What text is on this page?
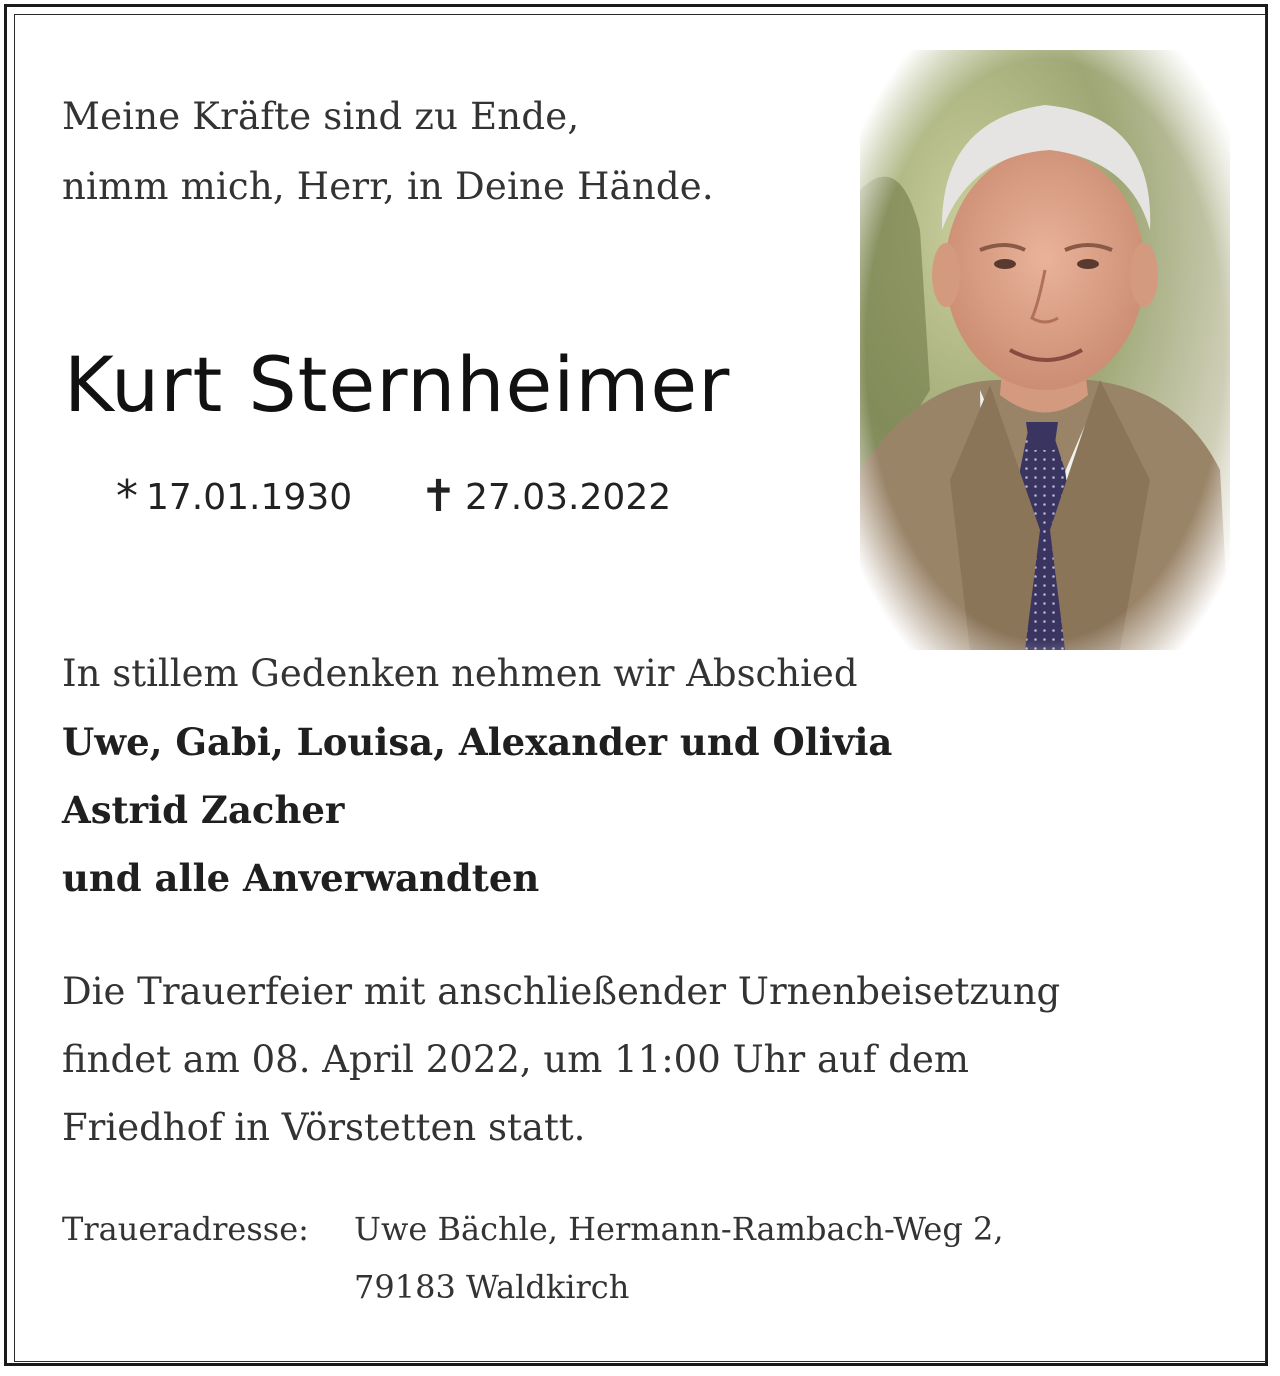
Meine Kräfte sind zu Ende,
nimm mich, Herr, in Deine Hände.
Kurt Sternheimer
* 17.01.1930 ✝ 27.03.2022
In stillem Gedenken nehmen wir Abschied
Uwe, Gabi, Louisa, Alexander und Olivia
Astrid Zacher
und alle Anverwandten
Die Trauerfeier mit anschließender Urnenbeisetzung
findet am 08. April 2022, um 11:00 Uhr auf dem
Friedhof in Vörstetten statt.
Traueradresse: Uwe Bächle, Hermann-Rambach-Weg 2,
79183 Waldkirch
